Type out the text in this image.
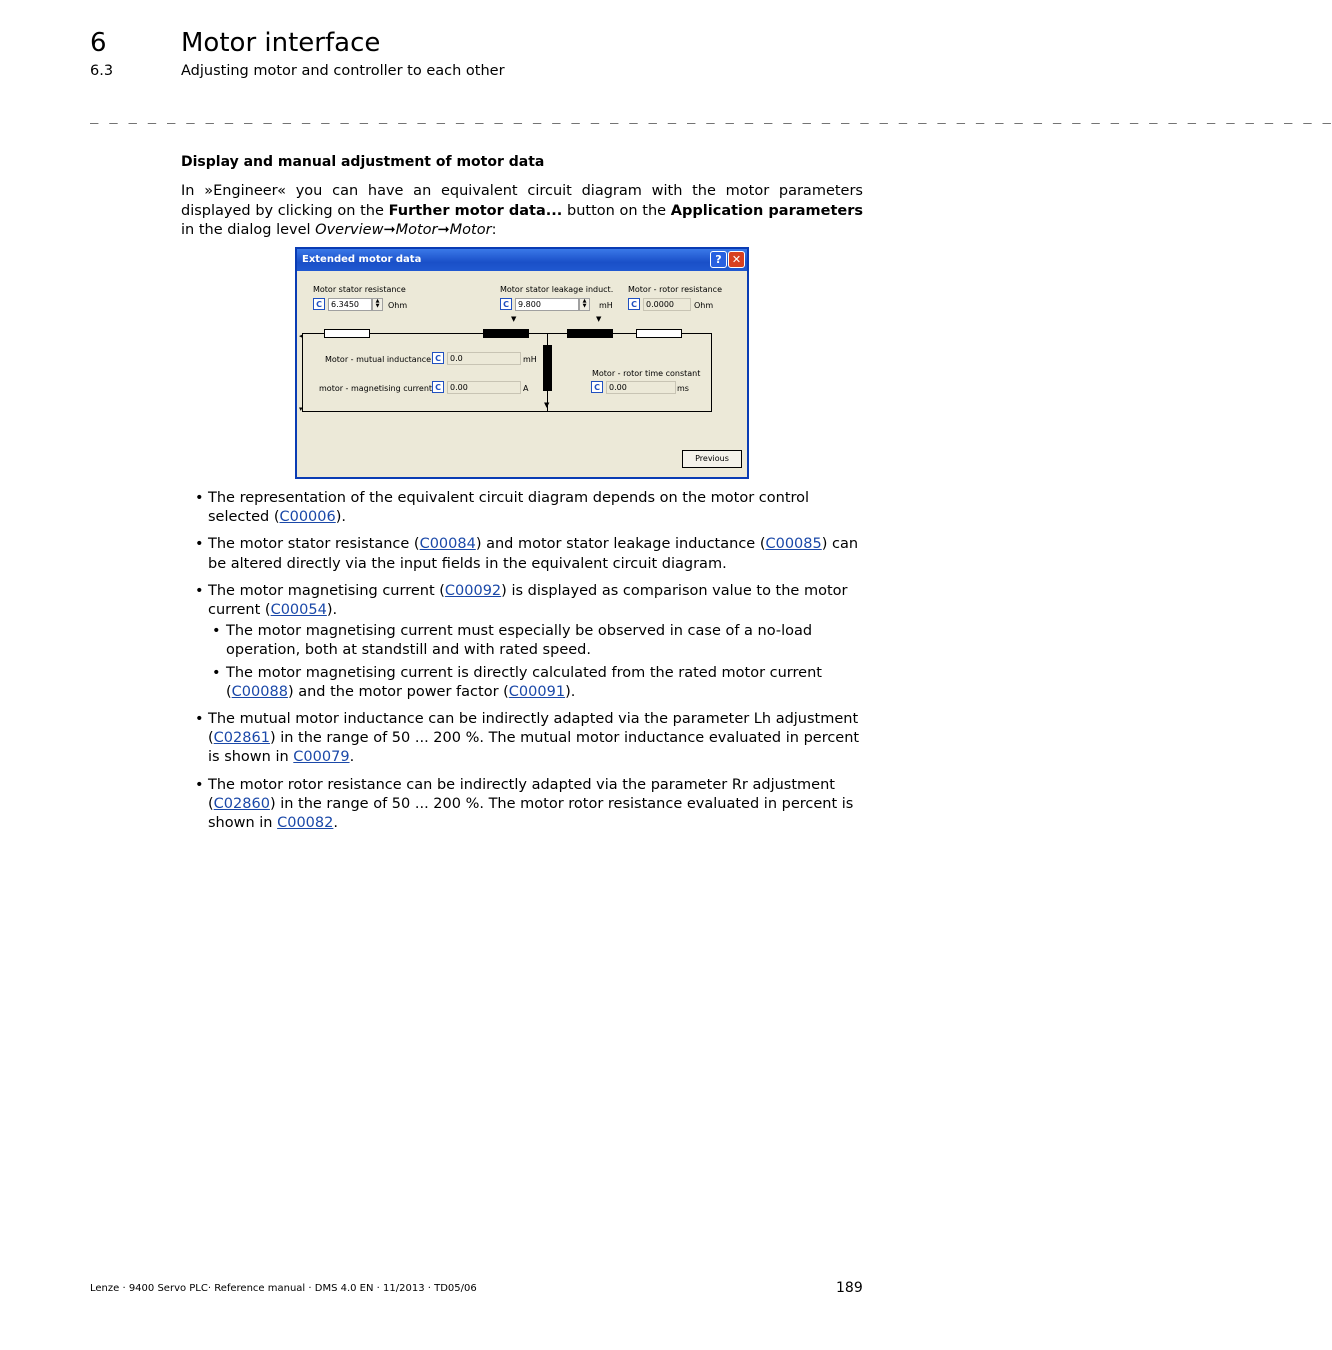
6	Motor interface
6.3	Adjusting motor and controller to each other
_ _ _ _ _ _ _ _ _ _ _ _ _ _ _ _ _ _ _ _ _ _ _ _ _ _ _ _ _ _ _ _ _ _ _ _ _ _ _ _ _ _ _ _ _ _ _ _ _ _ _ _ _ _ _ _ _ _ _ _ _ _ _ _ _
Display and manual adjustment of motor data
In »Engineer« you can have an equivalent circuit diagram with the motor parameters displayed by clicking on the Further motor data... button on the Application parameters in the dialog level Overview➞Motor➞Motor:
Extended motor data	? ✕
Motor stator resistance
C	6.3450	▲
▼	Ohm
Motor stator leakage induct.
C	9.800	▲
▼	mH
Motor - rotor resistance
C	0.0000	Ohm
◂
▾
▼	▼
▼
Motor - mutual inductance C	0.0	mH
motor - magnetising current C	0.00	A
Motor - rotor time constant
C	0.00	ms
Previous
• The representation of the equivalent circuit diagram depends on the motor control selected (C00006).
• The motor stator resistance (C00084) and motor stator leakage inductance (C00085) can be altered directly via the input fields in the equivalent circuit diagram.
• The motor magnetising current (C00092) is displayed as comparison value to the motor current (C00054).
• The motor magnetising current must especially be observed in case of a no-load operation, both at standstill and with rated speed.
• The motor magnetising current is directly calculated from the rated motor current (C00088) and the motor power factor (C00091).
• The mutual motor inductance can be indirectly adapted via the parameter Lh adjustment (C02861) in the range of 50 ... 200 %. The mutual motor inductance evaluated in percent is shown in C00079.
• The motor rotor resistance can be indirectly adapted via the parameter Rr adjustment (C02860) in the range of 50 ... 200 %. The motor rotor resistance evaluated in percent is shown in C00082.
Lenze · 9400 Servo PLC· Reference manual · DMS 4.0 EN · 11/2013 · TD05/06	189
